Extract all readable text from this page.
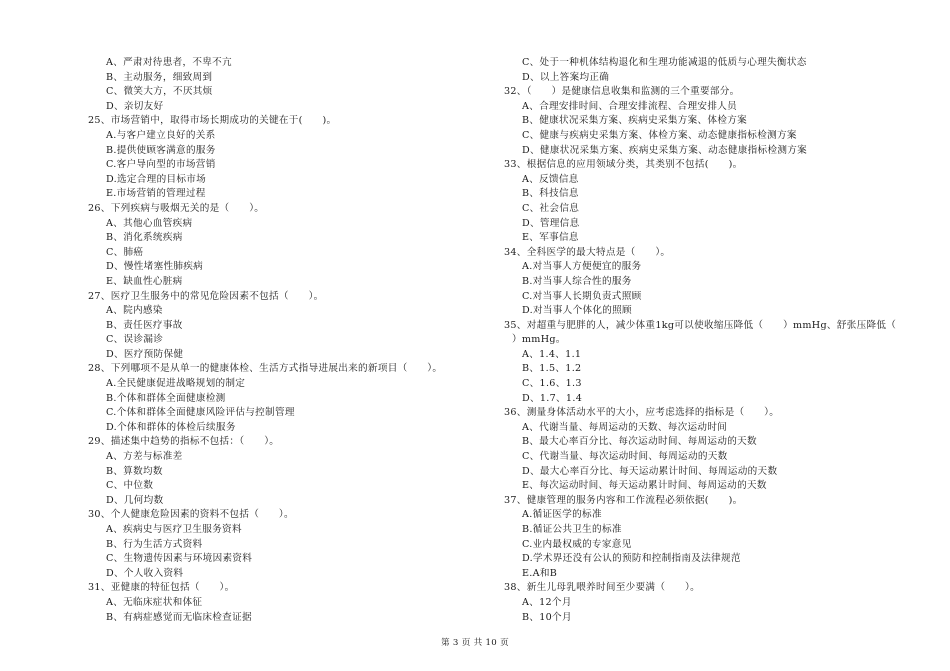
A、严肃对待患者，不卑不亢
B、主动服务，细致周到
C、微笑大方，不厌其烦
D、亲切友好
25、市场营销中，取得市场长期成功的关键在于(　　)。
A.与客户建立良好的关系
B.提供使顾客满意的服务
C.客户导向型的市场营销
D.选定合理的目标市场
E.市场营销的管理过程
26、下列疾病与吸烟无关的是（　　）。
A、其他心血管疾病
B、消化系统疾病
C、肺癌
D、慢性堵塞性肺疾病
E、缺血性心脏病
27、医疗卫生服务中的常见危险因素不包括（　　）。
A、院内感染
B、责任医疗事故
C、误诊漏诊
D、医疗预防保健
28、下列哪项不是从单一的健康体检、生活方式指导进展出来的新项目（　　）。
A.全民健康促进战略规划的制定
B.个体和群体全面健康检测
C.个体和群体全面健康风险评估与控制管理
D.个体和群体的体检后续服务
29、描述集中趋势的指标不包括：（　　）。
A、方差与标准差
B、算数均数
C、中位数
D、几何均数
30、个人健康危险因素的资料不包括（　　）。
A、疾病史与医疗卫生服务资料
B、行为生活方式资料
C、生物遗传因素与环境因素资料
D、个人收入资料
31、亚健康的特征包括（　　）。
A、无临床症状和体征
B、有病症感觉而无临床检查证据
C、处于一种机体结构退化和生理功能减退的低质与心理失衡状态
D、以上答案均正确
32、（　　）是健康信息收集和监测的三个重要部分。
A、合理安排时间、合理安排流程、合理安排人员
B、健康状况采集方案、疾病史采集方案、体检方案
C、健康与疾病史采集方案、体检方案、动态健康指标检测方案
D、健康状况采集方案、疾病史采集方案、动态健康指标检测方案
33、根据信息的应用领域分类，其类别不包括(　　)。
A、反馈信息
B、科技信息
C、社会信息
D、管理信息
E、军事信息
34、全科医学的最大特点是（　　）。
A.对当事人方便便宜的服务
B.对当事人综合性的服务
C.对当事人长期负责式照顾
D.对当事人个体化的照顾
35、对超重与肥胖的人，减少体重1kg可以使收缩压降低（　　）mmHg、舒张压降低（
）mmHg。
A、1.4、1.1
B、1.5、1.2
C、1.6、1.3
D、1.7、1.4
36、测量身体活动水平的大小，应考虑选择的指标是（　　）。
A、代谢当量、每周运动的天数、每次运动时间
B、最大心率百分比、每次运动时间、每周运动的天数
C、代谢当量、每次运动时间、每周运动的天数
D、最大心率百分比、每天运动累计时间、每周运动的天数
E、每次运动时间、每天运动累计时间、每周运动的天数
37、健康管理的服务内容和工作流程必须依据(　　)。
A.循证医学的标准
B.循证公共卫生的标准
C.业内最权威的专家意见
D.学术界还没有公认的预防和控制指南及法律规范
E.A和B
38、新生儿母乳喂养时间至少要满（　　）。
A、12个月
B、10个月
第 3 页 共 10 页
